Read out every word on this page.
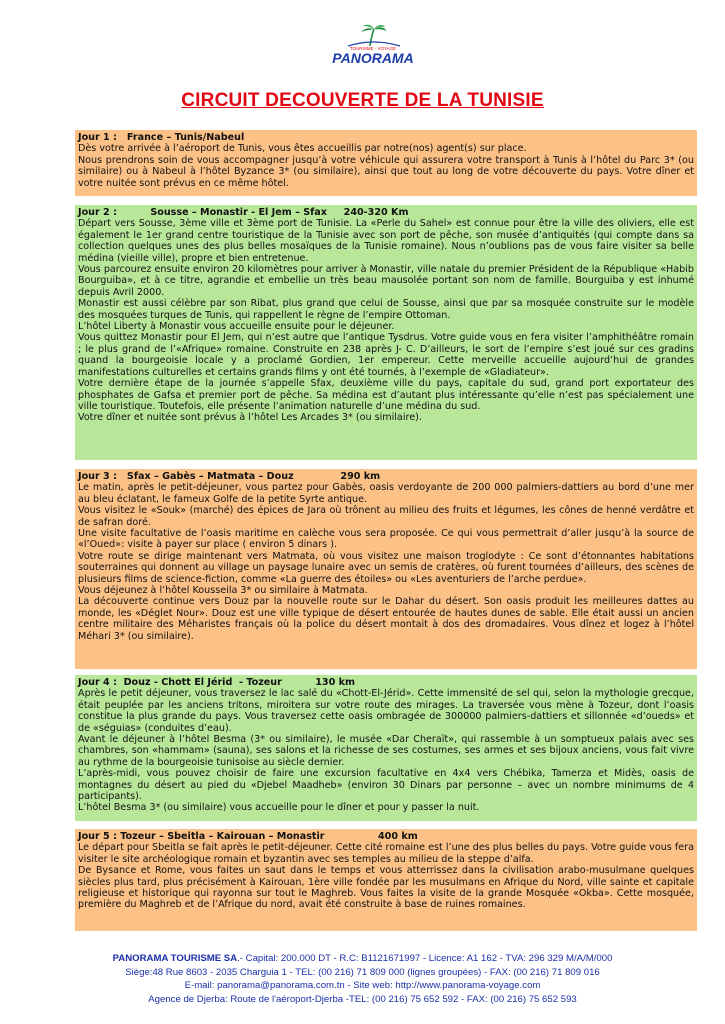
TOURISME · VOYAGE
PANORAMA
CIRCUIT DECOUVERTE DE LA TUNISIE
Jour 1 :   France – Tunis/Nabeul
Dès votre arrivée à l’aéroport de Tunis, vous êtes accueillis par notre(nos) agent(s) sur place.
Nous prendrons soin de vous accompagner jusqu’à votre véhicule qui assurera votre transport à Tunis à l’hôtel du Parc 3* (ou similaire) ou à Nabeul à l’hôtel Byzance 3* (ou similaire), ainsi que tout au long de votre découverte du pays. Votre dîner et votre nuitée sont prévus en ce même hôtel.
Jour 2 :          Sousse – Monastir - El Jem – Sfax     240-320 Km
Départ vers Sousse, 3ème ville et 3ème port de Tunisie. La «Perle du Sahel» est connue pour être la ville des oliviers, elle est également le 1er grand centre touristique de la Tunisie avec son port de pêche, son musée d’antiquités (qui compte dans sa collection quelques unes des plus belles mosaïques de la Tunisie romaine). Nous n’oublions pas de vous faire visiter sa belle médina (vieille ville), propre et bien entretenue.
Vous parcourez ensuite environ 20 kilomètres pour arriver à Monastir, ville natale du premier Président de la République «Habib Bourguiba», et à ce titre, agrandie et embellie un très beau mausolée portant son nom de famille. Bourguiba y est inhumé depuis Avril 2000.
Monastir est aussi célèbre par son Ribat, plus grand que celui de Sousse, ainsi que par sa mosquée construite sur le modèle des mosquées turques de Tunis, qui rappellent le règne de l’empire Ottoman.
L’hôtel Liberty à Monastir vous accueille ensuite pour le déjeuner.
Vous quittez Monastir pour El Jem, qui n’est autre que l’antique Tysdrus. Votre guide vous en fera visiter l’amphithéâtre romain ; le plus grand de l’«Afrique» romaine. Construite en 238 après J- C. D’ailleurs, le sort de l’empire s’est joué sur ces gradins quand la bourgeoisie locale y a proclamé Gordien, 1er empereur. Cette merveille accueille aujourd’hui de grandes manifestations culturelles et certains grands films y ont été tournés, à l’exemple de «Gladiateur».
Votre dernière étape de la journée s’appelle Sfax, deuxième ville du pays, capitale du sud, grand port exportateur des phosphates de Gafsa et premier port de pêche. Sa médina est d’autant plus intéressante qu’elle n’est pas spécialement une ville touristique. Toutefois, elle présente l’animation naturelle d’une médina du sud.
Votre dîner et nuitée sont prévus à l’hôtel Les Arcades 3* (ou similaire).
Jour 3 :   Sfax – Gabès – Matmata – Douz              290 km
Le matin, après le petit-déjeuner, vous partez pour Gabès, oasis verdoyante de 200 000 palmiers-dattiers au bord d’une mer au bleu éclatant, le fameux Golfe de la petite Syrte antique.
Vous visitez le «Souk» (marché) des épices de Jara où trônent au milieu des fruits et légumes, les cônes de henné verdâtre et de safran doré.
Une visite facultative de l’oasis maritime en calèche vous sera proposée. Ce qui vous permettrait d’aller jusqu’à la source de «l’Oued»: visite à payer sur place ( environ 5 dinars ).
Votre route se dirige maintenant vers Matmata, où vous visitez une maison troglodyte : Ce sont d’étonnantes habitations souterraines qui donnent au village un paysage lunaire avec un semis de cratères, où furent tournées d’ailleurs, des scènes de plusieurs films de science-fiction, comme «La guerre des étoiles» ou «Les aventuriers de l’arche perdue».
Vous déjeunez à l’hôtel Kousseila 3* ou similaire à Matmata.
La découverte continue vers Douz par la nouvelle route sur le Dahar du désert. Son oasis produit les meilleures dattes au monde, les «Déglet Nour». Douz est une ville typique de désert entourée de hautes dunes de sable. Elle était aussi un ancien centre militaire des Méharistes français où la police du désert montait à dos des dromadaires. Vous dînez et logez à l’hôtel Méhari 3* (ou similaire).
Jour 4 :  Douz - Chott El Jérid  - Tozeur          130 km
Après le petit déjeuner, vous traversez le lac salé du «Chott-El-Jérid». Cette immensité de sel qui, selon la mythologie grecque, était peuplée par les anciens tritons, miroitera sur votre route des mirages. La traversée vous mène à Tozeur, dont l’oasis constitue la plus grande du pays. Vous traversez cette oasis ombragée de 300000 palmiers-dattiers et sillonnée «d’oueds» et de «séguias» (conduites d’eau).
Avant le déjeuner à l’hôtel Besma (3* ou similaire), le musée «Dar Cheraït», qui rassemble à un somptueux palais avec ses chambres, son «hammam» (sauna), ses salons et la richesse de ses costumes, ses armes et ses bijoux anciens, vous fait vivre au rythme de la bourgeoisie tunisoise au siècle dernier.
L’après-midi, vous pouvez choisir de faire une excursion facultative en 4x4 vers Chébika, Tamerza et Midès, oasis de montagnes du désert au pied du «Djebel Maadheb» (environ 30 Dinars par personne – avec un nombre minimums de 4 participants).
L’hôtel Besma 3* (ou similaire) vous accueille pour le dîner et pour y passer la nuit.
Jour 5 : Tozeur – Sbeitla – Kairouan – Monastir                400 km
Le départ pour Sbeitla se fait après le petit-déjeuner. Cette cité romaine est l’une des plus belles du pays. Votre guide vous fera visiter le site archéologique romain et byzantin avec ses temples au milieu de la steppe d’alfa.
De Bysance et Rome, vous faites un saut dans le temps et vous atterrissez dans la civilisation arabo-musulmane quelques siècles plus tard, plus précisément à Kairouan, 1ère ville fondée par les musulmans en Afrique du Nord, ville sainte et capitale religieuse et historique qui rayonna sur tout le Maghreb. Vous faites la visite de la grande Mosquée «Okba». Cette mosquée, première du Maghreb et de l’Afrique du nord, avait été construite à base de ruines romaines.
PANORAMA TOURISME SA.- Capital: 200.000 DT - R.C: B1121671997 - Licence: A1 162 - TVA: 296 329 M/A/M/000
Siège:48 Rue 8603 - 2035 Charguia 1 - TEL: (00 216) 71 809 000 (lignes groupées) - FAX: (00 216) 71 809 016
E-mail: panorama@panorama.com.tn - Site web: http://www.panorama-voyage.com
Agence de Djerba: Route de l'aéroport-Djerba -TEL: (00 216) 75 652 592 - FAX: (00 216) 75 652 593
